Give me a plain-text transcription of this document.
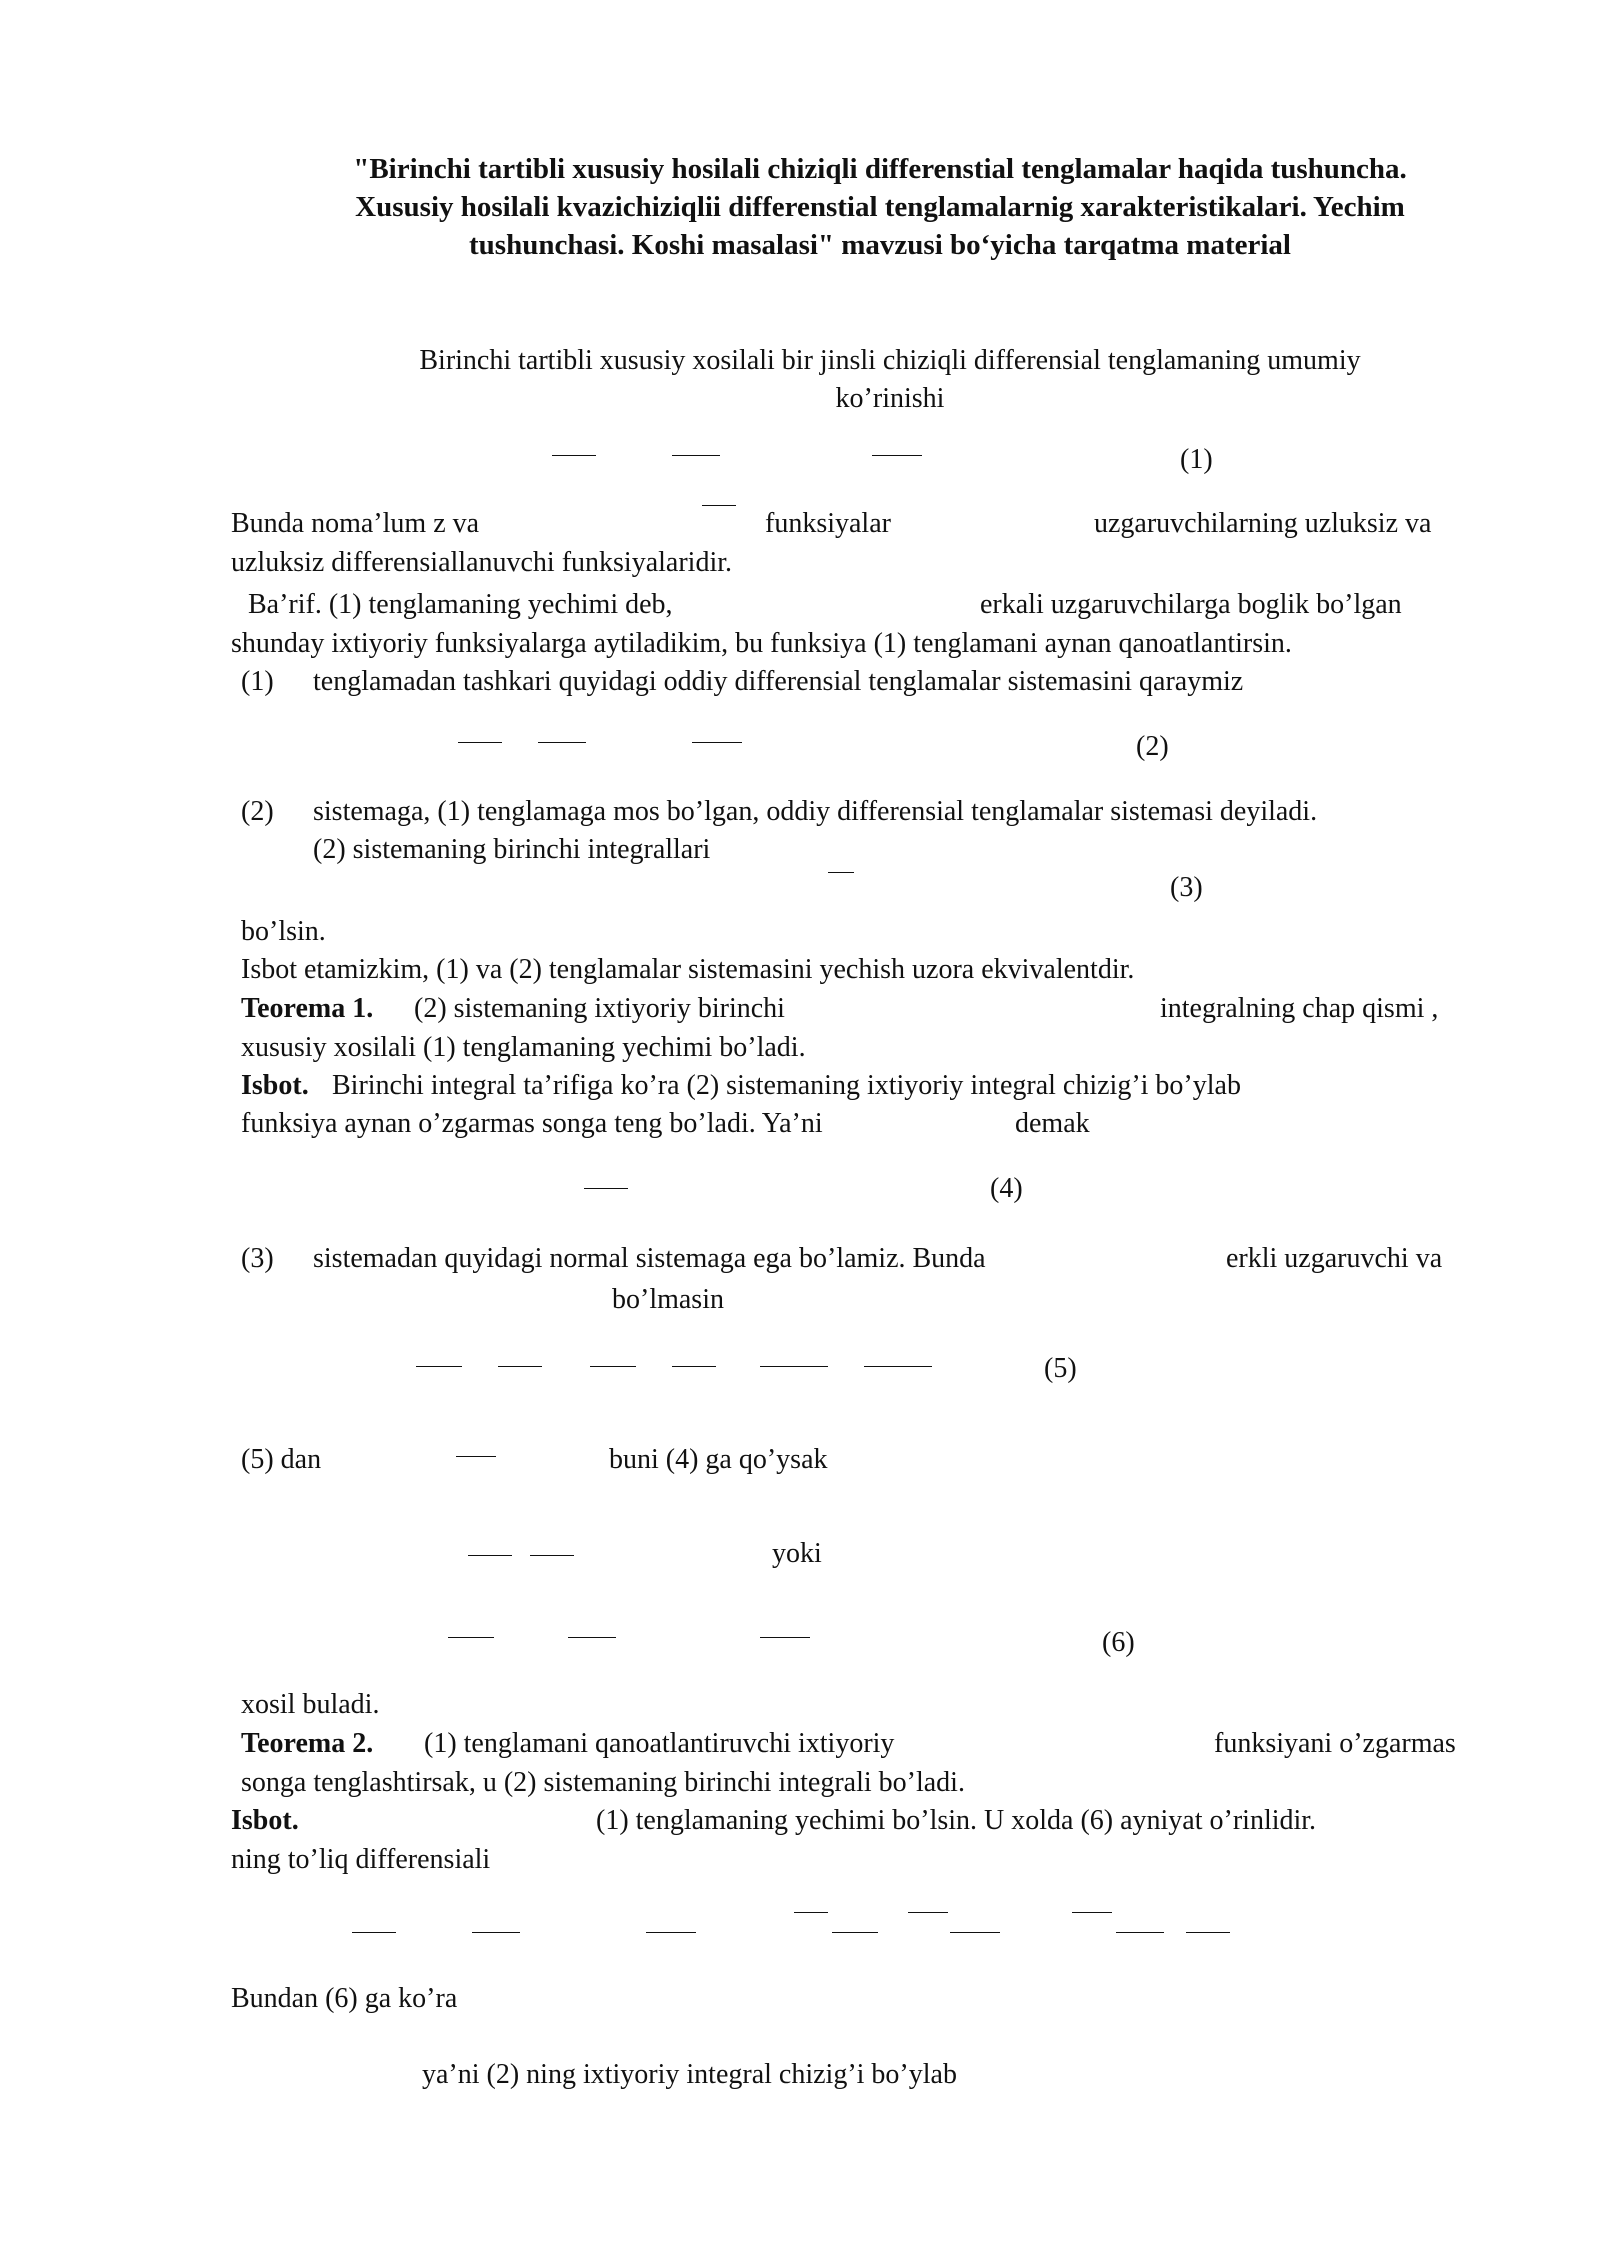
"Birinchi tartibli xususiy hosilali chiziqli differenstial tenglamalar haqida tushuncha.
Xususiy hosilali kvazichiziqlii differenstial tenglamalarnig xarakteristikalari. Yechim
tushunchasi. Koshi masalasi" mavzusi bo‘yicha tarqatma material
Birinchi tartibli xususiy xosilali bir jinsli chiziqli differensial tenglamaning umumiy
ko’rinishi
(1)
Bunda noma’lum z va	funksiyalar	uzgaruvchilarning uzluksiz va
uzluksiz differensiallanuvchi funksiyalaridir.
Ba’rif. (1) tenglamaning yechimi deb,	erkali uzgaruvchilarga boglik bo’lgan
shunday ixtiyoriy funksiyalarga aytiladikim, bu funksiya (1) tenglamani aynan qanoatlantirsin.
(1) tenglamadan tashkari quyidagi oddiy differensial tenglamalar sistemasini qaraymiz
(2)
(2) sistemaga, (1) tenglamaga mos bo’lgan, oddiy differensial tenglamalar sistemasi deyiladi.
(2) sistemaning birinchi integrallari
(3)
bo’lsin.
Isbot etamizkim, (1) va (2) tenglamalar sistemasini yechish uzora ekvivalentdir.
Teorema 1. (2) sistemaning ixtiyoriy birinchi	integralning chap qismi ,
xususiy xosilali (1) tenglamaning yechimi bo’ladi.
Isbot. Birinchi integral ta’rifiga ko’ra (2) sistemaning ixtiyoriy integral chizig’i bo’ylab
funksiya aynan o’zgarmas songa teng bo’ladi. Ya’ni	demak
(4)
(3) sistemadan quyidagi normal sistemaga ega bo’lamiz. Bunda	erkli uzgaruvchi va
bo’lmasin
(5)
(5) dan	buni (4) ga qo’ysak
yoki
(6)
xosil buladi.
Teorema 2. (1) tenglamani qanoatlantiruvchi ixtiyoriy	funksiyani o’zgarmas
songa tenglashtirsak, u (2) sistemaning birinchi integrali bo’ladi.
Isbot.	(1) tenglamaning yechimi bo’lsin. U xolda (6) ayniyat o’rinlidir.
ning to’liq differensiali
Bundan (6) ga ko’ra
ya’ni (2) ning ixtiyoriy integral chizig’i bo’ylab
